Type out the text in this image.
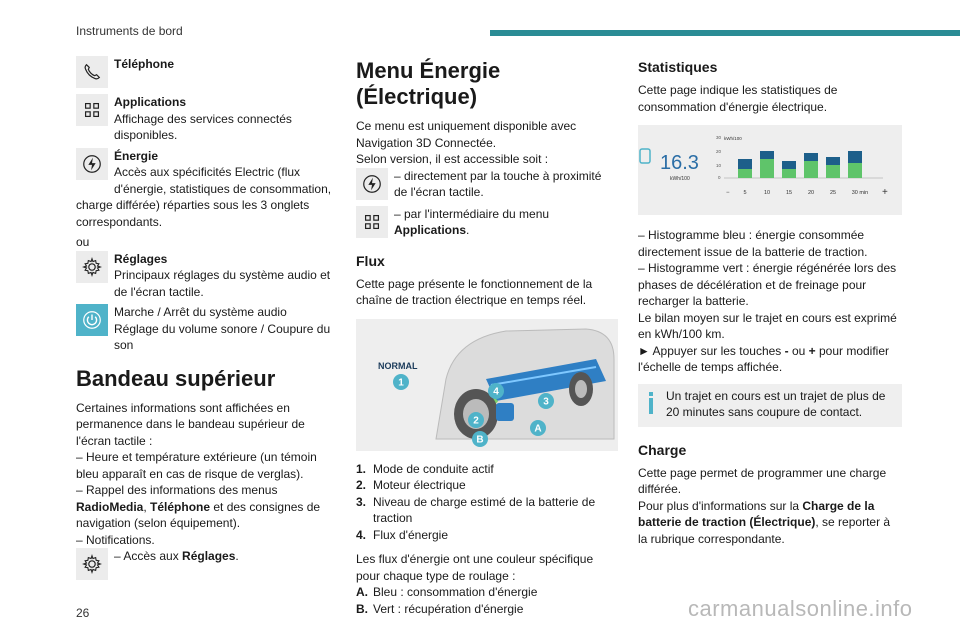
Instruments de bord
Téléphone
Applications
Affichage des services connectés disponibles.
Énergie
Accès aux spécificités Electric (flux d'énergie, statistiques de consommation, charge différée) réparties sous les 3 onglets correspondants.
ou
Réglages
Principaux réglages du système audio et de l'écran tactile.
Marche / Arrêt du système audio
Réglage du volume sonore / Coupure du son
Bandeau supérieur

Certaines informations sont affichées en permanence dans le bandeau supérieur de l'écran tactile :

– Heure et température extérieure (un témoin bleu apparaît en cas de risque de verglas).

– Rappel des informations des menus RadioMedia, Téléphone et des consignes de navigation (selon équipement).

– Notifications.

– Accès aux Réglages.
Menu Énergie (Électrique)

Ce menu est uniquement disponible avec Navigation 3D Connectée.

Selon version, il est accessible soit :

– directement par la touche à proximité de l'écran tactile.
– par l'intermédiaire du menu Applications.
Flux

Cette page présente le fonctionnement de la chaîne de traction électrique en temps réel.

NORMAL
1
2
3
4
A
B
1. Mode de conduite actif
2. Moteur électrique
3. Niveau de charge estimé de la batterie de traction
4. Flux d'énergie

Les flux d'énergie ont une couleur spécifique pour chaque type de roulage :

A. Bleu : consommation d'énergie
B. Vert : récupération d'énergie
Statistiques

Cette page indique les statistiques de consommation d'énergie électrique.

16.3
kWh/100
kWh/100
30
20
10
0
−	5	10	15	20	25	30 min +

– Histogramme bleu : énergie consommée directement issue de la batterie de traction.

– Histogramme vert : énergie régénérée lors des phases de décélération et de freinage pour recharger la batterie.

Le bilan moyen sur le trajet en cours est exprimé en kWh/100 km.

► Appuyer sur les touches - ou + pour modifier l'échelle de temps affichée.

Un trajet en cours est un trajet de plus de 20 minutes sans coupure de contact.
Charge

Cette page permet de programmer une charge différée.

Pour plus d'informations sur la Charge de la batterie de traction (Électrique), se reporter à la rubrique correspondante.

26	carmanualsonline.info
